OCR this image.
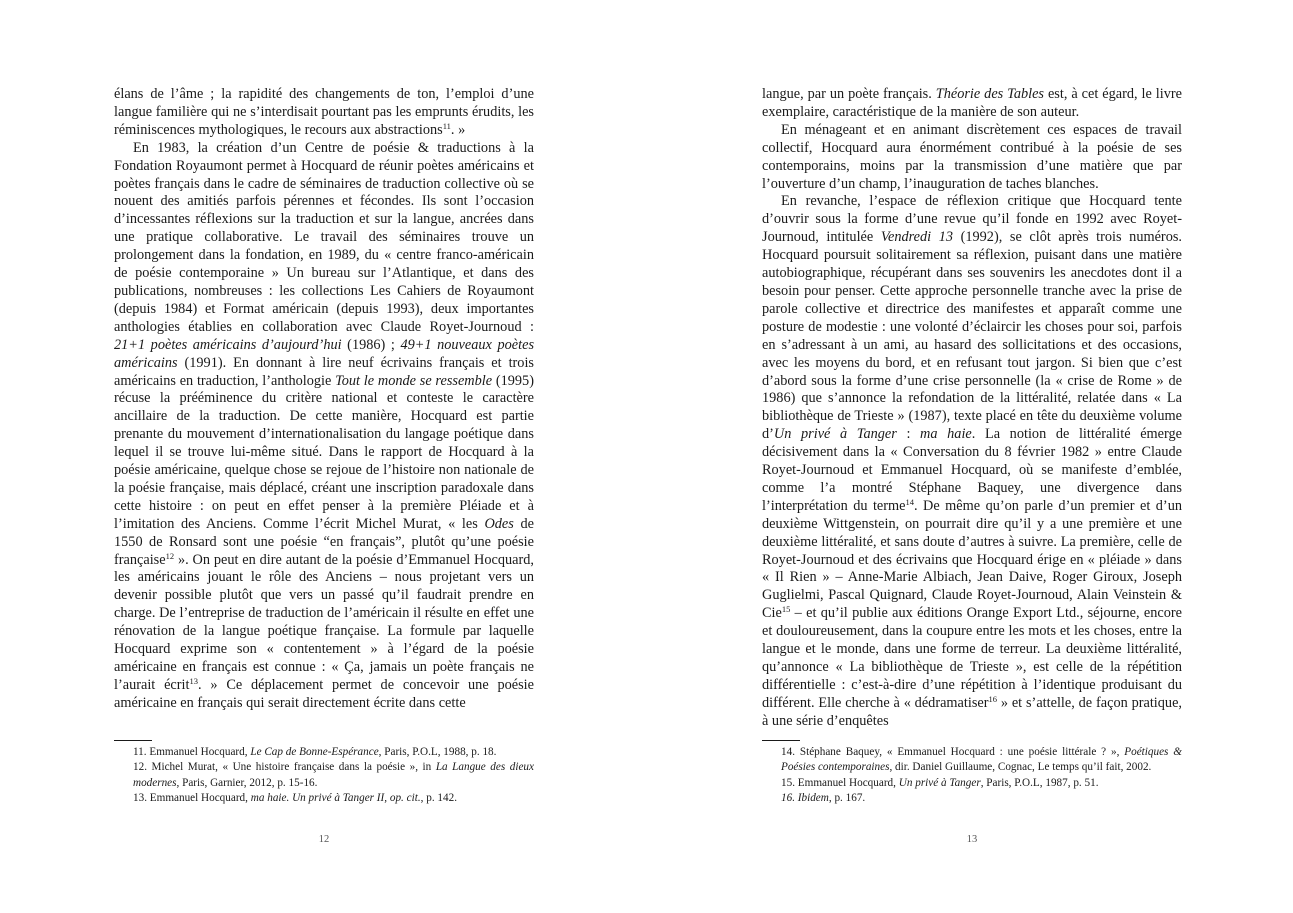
élans de l’âme ; la rapidité des changements de ton, l’emploi d’une langue familière qui ne s’interdisait pourtant pas les emprunts érudits, les réminiscences mythologiques, le recours aux abstractions$^{11}$. »

En 1983, la création d’un Centre de poésie & traductions à la Fondation Royaumont permet à Hocquard de réunir poètes américains et poètes français dans le cadre de séminaires de traduction collective où se nouent des amitiés parfois pérennes et fécondes. Ils sont l’occasion d’incessantes réflexions sur la traduction et sur la langue, ancrées dans une pratique collaborative. Le travail des séminaires trouve un prolongement dans la fondation, en 1989, du « centre franco-américain de poésie contemporaine » Un bureau sur l’Atlantique, et dans des publications, nombreuses : les collections Les Cahiers de Royaumont (depuis 1984) et Format américain (depuis 1993), deux importantes anthologies établies en collaboration avec Claude Royet-Journoud : 21+1 poètes américains d’aujourd’hui (1986) ; 49+1 nouveaux poètes américains (1991). En donnant à lire neuf écrivains français et trois américains en traduction, l’anthologie Tout le monde se ressemble (1995) récuse la prééminence du critère national et conteste le caractère ancillaire de la traduction. De cette manière, Hocquard est partie prenante du mouvement d’internationalisation du langage poétique dans lequel il se trouve lui-même situé. Dans le rapport de Hocquard à la poésie américaine, quelque chose se rejoue de l’histoire non nationale de la poésie française, mais déplacé, créant une inscription paradoxale dans cette histoire : on peut en effet penser à la première Pléiade et à l’imitation des Anciens. Comme l’écrit Michel Murat, « les Odes de 1550 de Ronsard sont une poésie “en français”, plutôt qu’une poésie française$^{12}$ ». On peut en dire autant de la poésie d’Emmanuel Hocquard, les américains jouant le rôle des Anciens – nous projetant vers un devenir possible plutôt que vers un passé qu’il faudrait prendre en charge. De l’entreprise de traduction de l’américain il résulte en effet une rénovation de la langue poétique française. La formule par laquelle Hocquard exprime son « contentement » à l’égard de la poésie américaine en français est connue : « Ça, jamais un poète français ne l’aurait écrit$^{13}$. » Ce déplacement permet de concevoir une poésie américaine en français qui serait directement écrite dans cette

11. Emmanuel Hocquard, Le Cap de Bonne-Espérance, Paris, P.O.L, 1988, p. 18.

12. Michel Murat, « Une histoire française dans la poésie », in La Langue des dieux modernes, Paris, Garnier, 2012, p. 15-16.

13. Emmanuel Hocquard, ma haie. Un privé à Tanger II, op. cit., p. 142.

12

langue, par un poète français. Théorie des Tables est, à cet égard, le livre exemplaire, caractéristique de la manière de son auteur.

En ménageant et en animant discrètement ces espaces de travail collectif, Hocquard aura énormément contribué à la poésie de ses contemporains, moins par la transmission d’une matière que par l’ouverture d’un champ, l’inauguration de taches blanches.

En revanche, l’espace de réflexion critique que Hocquard tente d’ouvrir sous la forme d’une revue qu’il fonde en 1992 avec Royet-Journoud, intitulée Vendredi 13 (1992), se clôt après trois numéros. Hocquard poursuit solitairement sa réflexion, puisant dans une matière autobiographique, récupérant dans ses souvenirs les anecdotes dont il a besoin pour penser. Cette approche personnelle tranche avec la prise de parole collective et directrice des manifestes et apparaît comme une posture de modestie : une volonté d’éclaircir les choses pour soi, parfois en s’adressant à un ami, au hasard des sollicitations et des occasions, avec les moyens du bord, et en refusant tout jargon. Si bien que c’est d’abord sous la forme d’une crise personnelle (la « crise de Rome » de 1986) que s’annonce la refondation de la littéralité, relatée dans « La bibliothèque de Trieste » (1987), texte placé en tête du deuxième volume d’Un privé à Tanger : ma haie. La notion de littéralité émerge décisivement dans la « Conversation du 8 février 1982 » entre Claude Royet-Journoud et Emmanuel Hocquard, où se manifeste d’emblée, comme l’a montré Stéphane Baquey, une divergence dans l’interprétation du terme$^{14}$. De même qu’on parle d’un premier et d’un deuxième Wittgenstein, on pourrait dire qu’il y a une première et une deuxième littéralité, et sans doute d’autres à suivre. La première, celle de Royet-Journoud et des écrivains que Hocquard érige en « pléiade » dans « Il Rien » – Anne-Marie Albiach, Jean Daive, Roger Giroux, Joseph Guglielmi, Pascal Quignard, Claude Royet-Journoud, Alain Veinstein & Cie$^{15}$ – et qu’il publie aux éditions Orange Export Ltd., séjourne, encore et douloureusement, dans la coupure entre les mots et les choses, entre la langue et le monde, dans une forme de terreur. La deuxième littéralité, qu’annonce « La bibliothèque de Trieste », est celle de la répétition différentielle : c’est-à-dire d’une répétition à l’identique produisant du différent. Elle cherche à « dédramatiser$^{16}$ » et s’attelle, de façon pratique, à une série d’enquêtes

14. Stéphane Baquey, « Emmanuel Hocquard : une poésie littérale ? », Poétiques & Poésies contemporaines, dir. Daniel Guillaume, Cognac, Le temps qu’il fait, 2002.

15. Emmanuel Hocquard, Un privé à Tanger, Paris, P.O.L, 1987, p. 51.

16. Ibidem, p. 167.

13
